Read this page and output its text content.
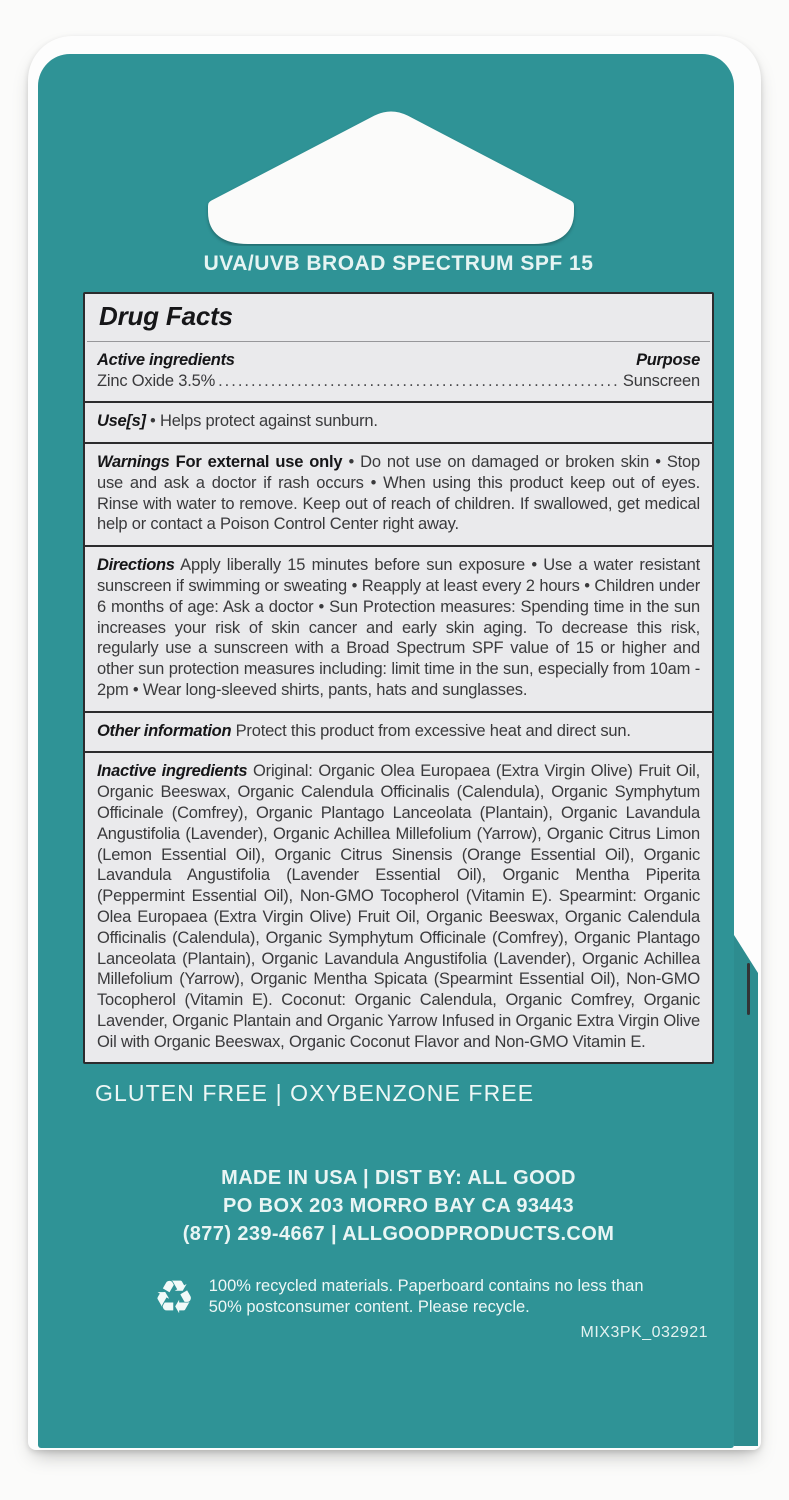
UVA/UVB BROAD SPECTRUM SPF 15
Drug Facts
Active ingredients	Purpose
Zinc Oxide 3.5% .....	Sunscreen
Use[s] • Helps protect against sunburn.
Warnings For external use only • Do not use on damaged or broken skin • Stop use and ask a doctor if rash occurs • When using this product keep out of eyes. Rinse with water to remove. Keep out of reach of children. If swallowed, get medical help or contact a Poison Control Center right away.
Directions Apply liberally 15 minutes before sun exposure • Use a water resistant sunscreen if swimming or sweating • Reapply at least every 2 hours • Children under 6 months of age: Ask a doctor • Sun Protection measures: Spending time in the sun increases your risk of skin cancer and early skin aging. To decrease this risk, regularly use a sunscreen with a Broad Spectrum SPF value of 15 or higher and other sun protection measures including: limit time in the sun, especially from 10am - 2pm • Wear long-sleeved shirts, pants, hats and sunglasses.
Other information Protect this product from excessive heat and direct sun.
Inactive ingredients Original: Organic Olea Europaea (Extra Virgin Olive) Fruit Oil, Organic Beeswax, Organic Calendula Officinalis (Calendula), Organic Symphytum Officinale (Comfrey), Organic Plantago Lanceolata (Plantain), Organic Lavandula Angustifolia (Lavender), Organic Achillea Millefolium (Yarrow), Organic Citrus Limon (Lemon Essential Oil), Organic Citrus Sinensis (Orange Essential Oil), Organic Lavandula Angustifolia (Lavender Essential Oil), Organic Mentha Piperita (Peppermint Essential Oil), Non-GMO Tocopherol (Vitamin E). Spearmint: Organic Olea Europaea (Extra Virgin Olive) Fruit Oil, Organic Beeswax, Organic Calendula Officinalis (Calendula), Organic Symphytum Officinale (Comfrey), Organic Plantago Lanceolata (Plantain), Organic Lavandula Angustifolia (Lavender), Organic Achillea Millefolium (Yarrow), Organic Mentha Spicata (Spearmint Essential Oil), Non-GMO Tocopherol (Vitamin E). Coconut: Organic Calendula, Organic Comfrey, Organic Lavender, Organic Plantain and Organic Yarrow Infused in Organic Extra Virgin Olive Oil with Organic Beeswax, Organic Coconut Flavor and Non-GMO Vitamin E.
GLUTEN FREE | OXYBENZONE FREE
MADE IN USA | DIST BY: ALL GOOD
PO BOX 203 MORRO BAY CA 93443
(877) 239-4667 | ALLGOODPRODUCTS.COM
♻ 100% recycled materials. Paperboard contains no less than
50% postconsumer content. Please recycle.
MIX3PK_032921
